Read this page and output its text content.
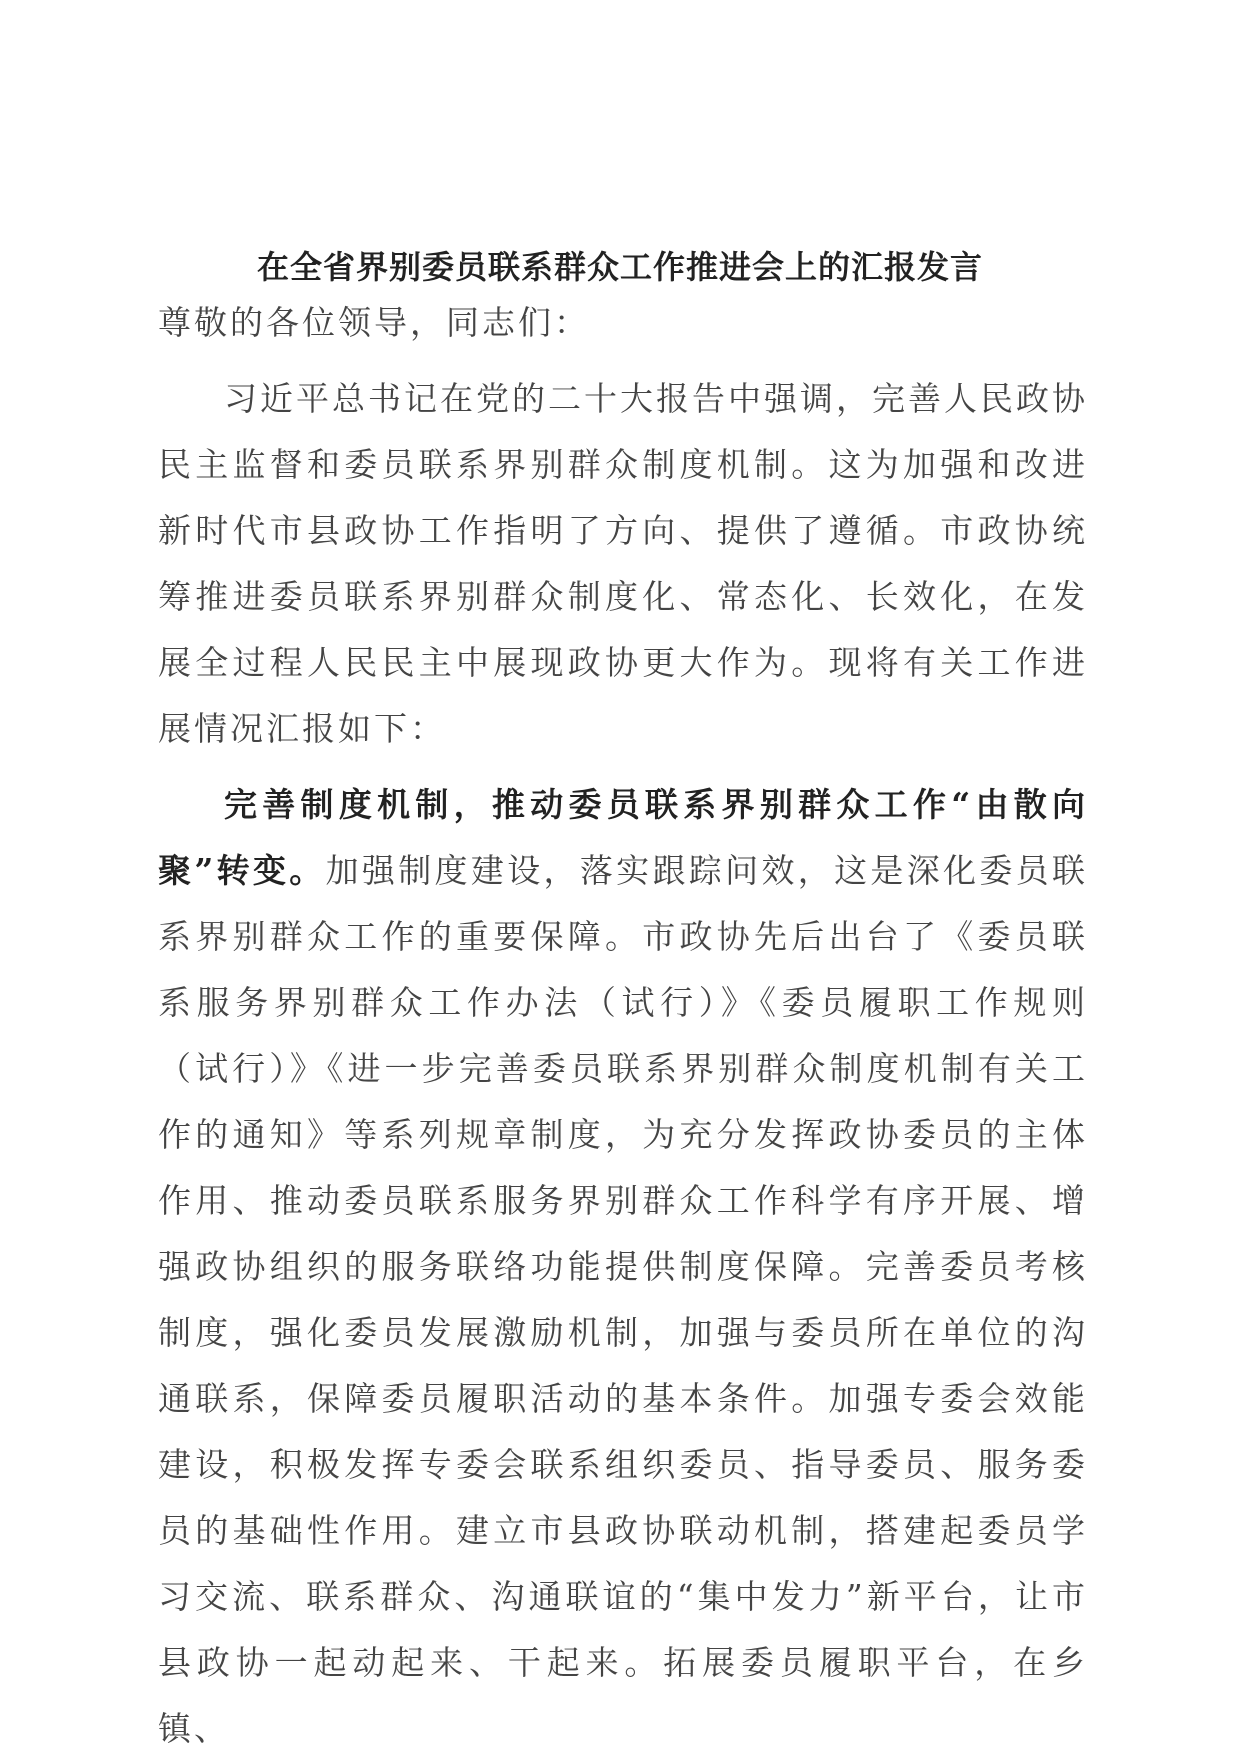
在全省界别委员联系群众工作推进会上的汇报发言

尊敬的各位领导，同志们：

习近平总书记在党的二十大报告中强调，完善人民政协民主监督和委员联系界别群众制度机制。这为加强和改进新时代市县政协工作指明了方向、提供了遵循。市政协统筹推进委员联系界别群众制度化、常态化、长效化，在发展全过程人民民主中展现政协更大作为。现将有关工作进展情况汇报如下：

完善制度机制，推动委员联系界别群众工作“由散向聚”转变。加强制度建设，落实跟踪问效，这是深化委员联系界别群众工作的重要保障。市政协先后出台了《委员联系服务界别群众工作办法（试行）》《委员履职工作规则（试行）》《进一步完善委员联系界别群众制度机制有关工作的通知》等系列规章制度，为充分发挥政协委员的主体作用、推动委员联系服务界别群众工作科学有序开展、增强政协组织的服务联络功能提供制度保障。完善委员考核制度，强化委员发展激励机制，加强与委员所在单位的沟通联系，保障委员履职活动的基本条件。加强专委会效能建设，积极发挥专委会联系组织委员、指导委员、服务委员的基础性作用。建立市县政协联动机制，搭建起委员学习交流、联系群众、沟通联谊的“集中发力”新平台，让市县政协一起动起来、干起来。拓展委员履职平台，在乡镇、
